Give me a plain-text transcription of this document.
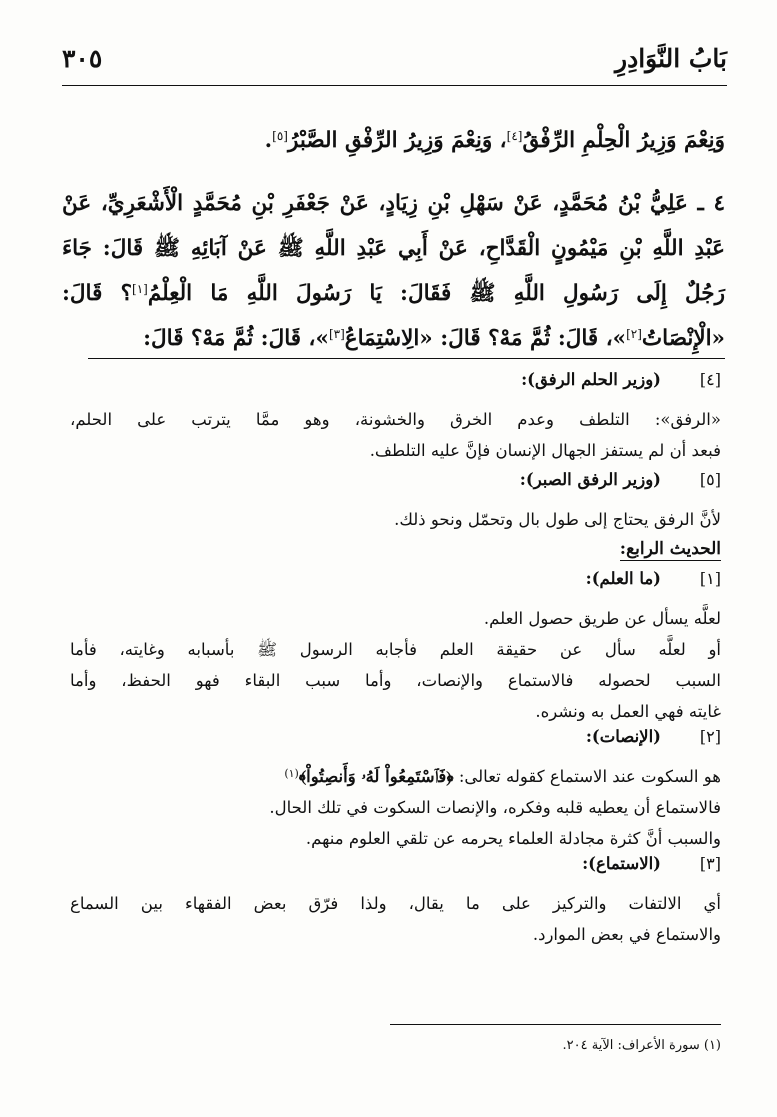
بَابُ النَّوَادِرِ
٣٠٥

وَنِعْمَ وَزِيرُ الْحِلْمِ الرِّفْقُ[٤]، وَنِعْمَ وَزِيرُ الرِّفْقِ الصَّبْرُ[٥].

٤ ـ عَلِيُّ بْنُ مُحَمَّدٍ، عَنْ سَهْلِ بْنِ زِيَادٍ، عَنْ جَعْفَرِ بْنِ مُحَمَّدٍ الْأَشْعَرِيِّ، عَنْ عَبْدِ اللَّهِ بْنِ مَيْمُونٍ الْقَدَّاحِ، عَنْ أَبِي عَبْدِ اللَّهِ ﷺ عَنْ آبَائِهِ ﷺ قَالَ: جَاءَ رَجُلٌ إِلَى رَسُولِ اللَّهِ ﷺ فَقَالَ: يَا رَسُولَ اللَّهِ مَا الْعِلْمُ[١]؟ قَالَ: «الْإِنْصَاتُ[٢]»، قَالَ: ثُمَّ مَهْ؟ قَالَ: «الِاسْتِمَاعُ[٣]»، قَالَ: ثُمَّ مَهْ؟ قَالَ:

[٤]
(وزير الحلم الرفق):

«الرفق»: التلطف وعدم الخرق والخشونة، وهو ممَّا يترتب على الحلم،

فبعد أن لم يستفز الجهال الإنسان فإنَّ عليه التلطف.

[٥]
(وزير الرفق الصبر):

لأنَّ الرفق يحتاج إلى طول بال وتحمّل ونحو ذلك.

الحديث الرابع:
[١]
(ما العلم):

لعلَّه يسأل عن طريق حصول العلم.

أو لعلَّه سأل عن حقيقة العلم فأجابه الرسول ﷺ بأسبابه وغايته، فأما

السبب لحصوله فالاستماع والإنصات، وأما سبب البقاء فهو الحفظ، وأما

غايته فهي العمل به ونشره.

[٢]
(الإنصات):

هو السكوت عند الاستماع كقوله تعالى: ﴿فَٱسْتَمِعُواْ لَهُۥ وَأَنصِتُواْ﴾$^{(١)}$

فالاستماع أن يعطيه قلبه وفكره، والإنصات السكوت في تلك الحال.

والسبب أنَّ كثرة مجادلة العلماء يحرمه عن تلقي العلوم منهم.

[٣]
(الاستماع):

أي الالتفات والتركيز على ما يقال، ولذا فرّق بعض الفقهاء بين السماع

والاستماع في بعض الموارد.

(١) سورة الأعراف: الآية ٢٠٤.
